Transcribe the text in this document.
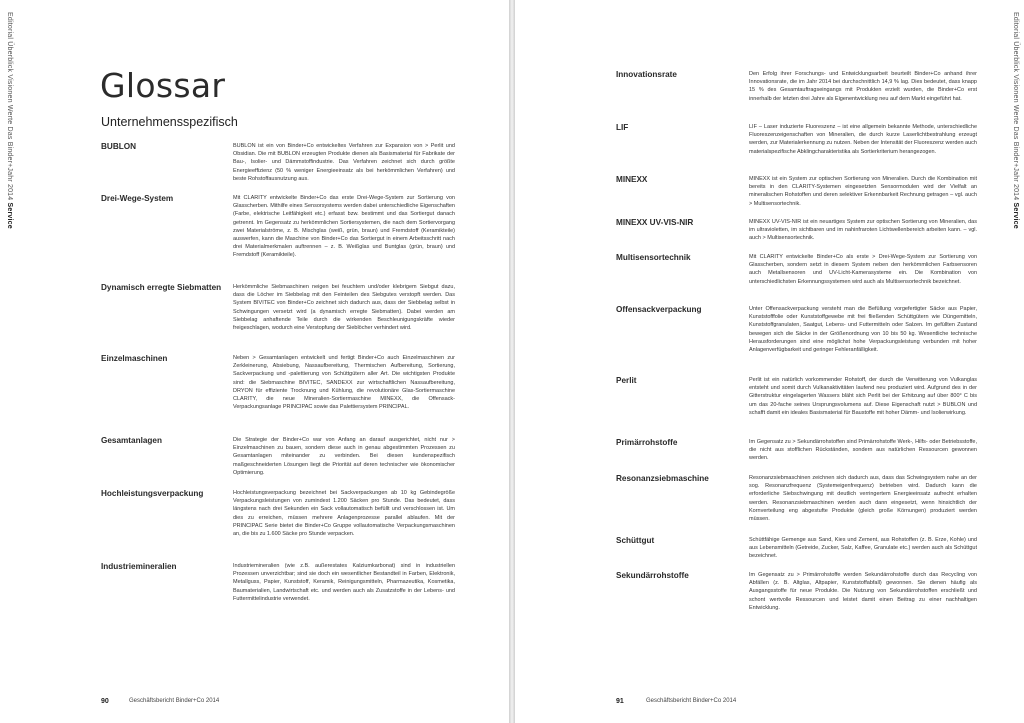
Editorial Überblick Visionen Werte Das Binder+Jahr 2014 Service
Glossar
Unternehmensspezifisch
BUBLON	BUBLON ist ein von Binder+Co entwickeltes Verfahren zur Expansion von > Perlit und Obsidian. Die mit BUBLON erzeugten Produkte dienen als Basismaterial für Fabrikate der Bau-, Isolier- und Dämmstoffindustrie. Das Verfahren zeichnet sich durch größte Energieeffizienz (50 % weniger Energieeinsatz als bei herkömmlichen Verfahren) und beste Rohstoffausnutzung aus.
Drei-Wege-System	Mit CLARITY entwickelte Binder+Co das erste Drei-Wege-System zur Sortierung von Glasscherben. Mithilfe eines Sensorsystems werden dabei unterschiedliche Eigenschaften (Farbe, elektrische Leitfähigkeit etc.) erfasst bzw. bestimmt und das Sortiergut danach getrennt. Im Gegensatz zu herkömmlichen Sortiersystemen, die nach dem Sortiervorgang zwei Materialströme, z. B. Mischglas (weiß, grün, braun) und Fremdstoff (Keramikteile) auswerfen, kann die Maschine von Binder+Co das Sortiergut in einem Arbeitsschritt nach drei Materialmerkmalen auftrennen – z. B. Weißglas und Buntglas (grün, braun) und Fremdstoff (Keramikteile).
Dynamisch erregte Siebmatten	Herkömmliche Siebmaschinen neigen bei feuchtem und/oder klebrigem Siebgut dazu, dass die Löcher im Siebbelag mit den Feinteilen des Siebgutes verstopft werden. Das System BIVITEC von Binder+Co zeichnet sich dadurch aus, dass der Siebbelag selbst in Schwingungen versetzt wird (a dynamisch erregte Siebmatten). Dabei werden am Siebbelag anhaftende Teile durch die wirkenden Beschleunigungskräfte wieder freigeschlagen, wodurch eine Verstopfung der Sieblöcher verhindert wird.
Einzelmaschinen	Neben > Gesamtanlagen entwickelt und fertigt Binder+Co auch Einzelmaschinen zur Zerkleinerung, Absiebung, Nassaufbereitung, Thermischen Aufbereitung, Sortierung, Sackverpackung und -palettierung von Schüttgütern aller Art. Die wichtigsten Produkte sind: die Siebmaschine BIVITEC, SANDEXX zur wirtschaftlichen Nassaufbereitung, DRYON für effiziente Trocknung und Kühlung, die revolutionäre Glas-Sortiermaschine CLARITY, die neue Mineralien-Sortiermaschine MINEXX, die Offensack-Verpackungsanlage PRINCIPAC sowie das Palettiersystem PRINCIPAL.
Gesamtanlagen	Die Strategie der Binder+Co war von Anfang an darauf ausgerichtet, nicht nur > Einzelmaschinen zu bauen, sondern diese auch in genau abgestimmten Prozessen zu Gesamtanlagen miteinander zu verbinden. Bei diesen kundenspezifisch maßgeschneiderten Lösungen liegt die Priorität auf deren technischer wie ökonomischer Optimierung.
Hochleistungsverpackung	Hochleistungsverpackung bezeichnet bei Sackverpackungen ab 10 kg Gebindegröße Verpackungsleistungen von zumindest 1.200 Säcken pro Stunde. Das bedeutet, dass längstens nach drei Sekunden ein Sack vollautomatisch befüllt und verschlossen ist. Um dies zu erreichen, müssen mehrere Anlagenprozesse parallel ablaufen. Mit der PRINCIPAC Serie bietet die Binder+Co Gruppe vollautomatische Verpackungsmaschinen an, die bis zu 1.600 Säcke pro Stunde verpacken.
Industriemineralien	Industriemineralien (wie z.B. außerestates Kalziumkarbonat) sind in industriellen Prozessen unverzichtbar; sind sie doch ein wesentlicher Bestandteil in Farben, Elektronik, Metallguss, Papier, Kunststoff, Keramik, Reinigungsmitteln, Pharmazeutika, Kosmetika, Baumaterialien, Landwirtschaft etc. und werden auch als Zusatzstoffe in der Lebens- und Futtermittelindustrie verwendet.
90	Geschäftsbericht Binder+Co 2014
Editorial Überblick Visionen Werte Das Binder+Jahr 2014 Service
Innovationsrate	Den Erfolg ihrer Forschungs- und Entwicklungsarbeit beurteilt Binder+Co anhand ihrer Innovationsrate, die im Jahr 2014 bei durchschnittlich 14,9 % lag. Dies bedeutet, dass knapp 15 % des Gesamtauftragseingangs mit Produkten erzielt wurden, die Binder+Co erst innerhalb der letzten drei Jahre als Eigenentwicklung neu auf dem Markt eingeführt hat.
LIF	LIF – Laser induzierte Fluoreszenz – ist eine allgemein bekannte Methode, unterschiedliche Fluoreszenzeigenschaften von Mineralien, die durch kurze Laserlichtbestrahlung erzeugt werden, zur Materialerkennung zu nutzen. Neben der Intensität der Fluoreszenz werden auch materialspezifische Abklingcharakteristika als Sortierkriterium herangezogen.
MINEXX	MINEXX ist ein System zur optischen Sortierung von Mineralien. Durch die Kombination mit bereits in den CLARITY-Systemen eingesetzten Sensormodulen wird der Vielfalt an mineralischen Rohstoffen und deren selektiver Erkennbarkeit Rechnung getragen – vgl. auch > Multisensortechnik.
MINEXX UV-VIS-NIR	MINEXX UV-VIS-NIR ist ein neuartiges System zur optischen Sortierung von Mineralien, das im ultravioletten, im sichtbaren und im nahinfraroten Lichtwellenbereich arbeiten kann. – vgl. auch > Multisensortechnik.
Multisensortechnik	Mit CLARITY entwickelte Binder+Co als erste > Drei-Wege-System zur Sortierung von Glasscherben, sondern setzt in diesem System neben den herkömmlichen Farbsensoren auch Metallsensoren und UV-Licht-Kamerasysteme ein. Die Kombination von unterschiedlichsten Erkennungssystemen wird auch als Multisensortechnik bezeichnet.
Offensackverpackung	Unter Offensackverpackung versteht man die Befüllung vorgefertigter Säcke aus Papier, Kunststofffolie oder Kunststoffgewebe mit frei fließenden Schüttgütern wie Düngemitteln, Kunststoffgranulaten, Saatgut, Lebens- und Futtermitteln oder Salzen. Im gefüllten Zustand bewegen sich die Säcke in der Größenordnung von 10 bis 50 kg. Wesentliche technische Herausforderungen sind eine möglichst hohe Verpackungsleistung verbunden mit hoher Anlagenverfügbarkeit und geringer Fehleranfälligkeit.
Perlit	Perlit ist ein natürlich vorkommender Rohstoff, der durch die Verwitterung von Vulkanglas entsteht und somit durch Vulkanaktivitäten laufend neu produziert wird. Aufgrund des in der Gitterstruktur eingelagerten Wassers bläht sich Perlit bei der Erhitzung auf über 800° C bis um das 20-fache seines Ursprungsvolumens auf. Diese Eigenschaft nutzt > BUBLON und schafft damit ein ideales Basismaterial für Baustoffe mit hoher Dämm- und Isolierwirkung.
Primärrohstoffe	Im Gegensatz zu > Sekundärrohstoffen sind Primärrohstoffe Werk-, Hilfs- oder Betriebsstoffe, die nicht aus stofflichen Rückständen, sondern aus natürlichen Ressourcen gewonnen werden.
Resonanzsiebmaschine	Resonanzsiebmaschinen zeichnen sich dadurch aus, dass das Schwingsystem nahe an der sog. Resonanzfrequenz (Systemeigenfrequenz) betrieben wird. Dadurch kann die erforderliche Siebschwingung mit deutlich verringertem Energieeinsatz aufrecht erhalten werden. Resonanzsiebmaschinen werden auch dann eingesetzt, wenn hinsichtlich der Kornverteilung eng abgestufte Produkte (gleich große Körnungen) produziert werden müssen.
Schüttgut	Schüttfähige Gemenge aus Sand, Kies und Zement, aus Rohstoffen (z. B. Erze, Kohle) und aus Lebensmitteln (Getreide, Zucker, Salz, Kaffee, Granulate etc.) werden auch als Schüttgut bezeichnet.
Sekundärrohstoffe	Im Gegensatz zu > Primärrohstoffe werden Sekundärrohstoffe durch das Recycling von Abfällen (z. B. Altglas, Altpapier, Kunststoffabfall) gewonnen. Sie dienen häufig als Ausgangsstoffe für neue Produkte. Die Nutzung von Sekundärrohstoffen erschließt und schont wertvolle Ressourcen und leistet damit einen Beitrag zu einer nachhaltigen Entwicklung.
91	Geschäftsbericht Binder+Co 2014
